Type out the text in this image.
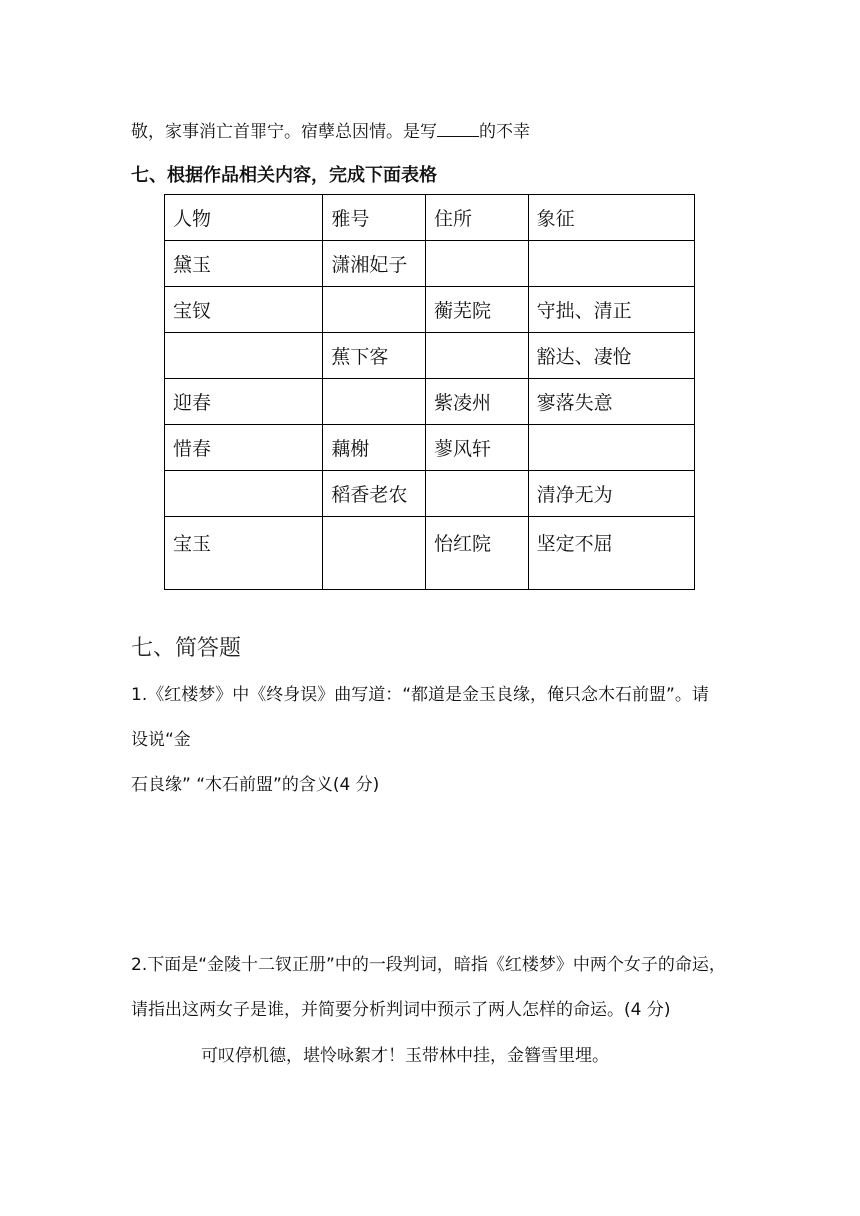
敬，家事消亡首罪宁。宿孽总因情。是写 的不幸
七、根据作品相关内容，完成下面表格
人物	雅号	住所	象征
黛玉	潇湘妃子		
宝钗		蘅芜院	守拙、清正
	蕉下客		豁达、凄怆
迎春		紫凌州	寥落失意
惜春	藕榭	蓼风轩	
	稻香老农		清净无为
宝玉		怡红院	坚定不屈
七、简答题
1.《红楼梦》中《终身误》曲写道：“都道是金玉良缘，俺只念木石前盟”。请
设说“金
石良缘” “木石前盟”的含义(4 分)
2.下面是“金陵十二钗正册”中的一段判词，暗指《红楼梦》中两个女子的命运，
请指出这两女子是谁，并简要分析判词中预示了两人怎样的命运。(4 分)
可叹停机德，堪怜咏絮才！玉带林中挂，金簪雪里埋。
